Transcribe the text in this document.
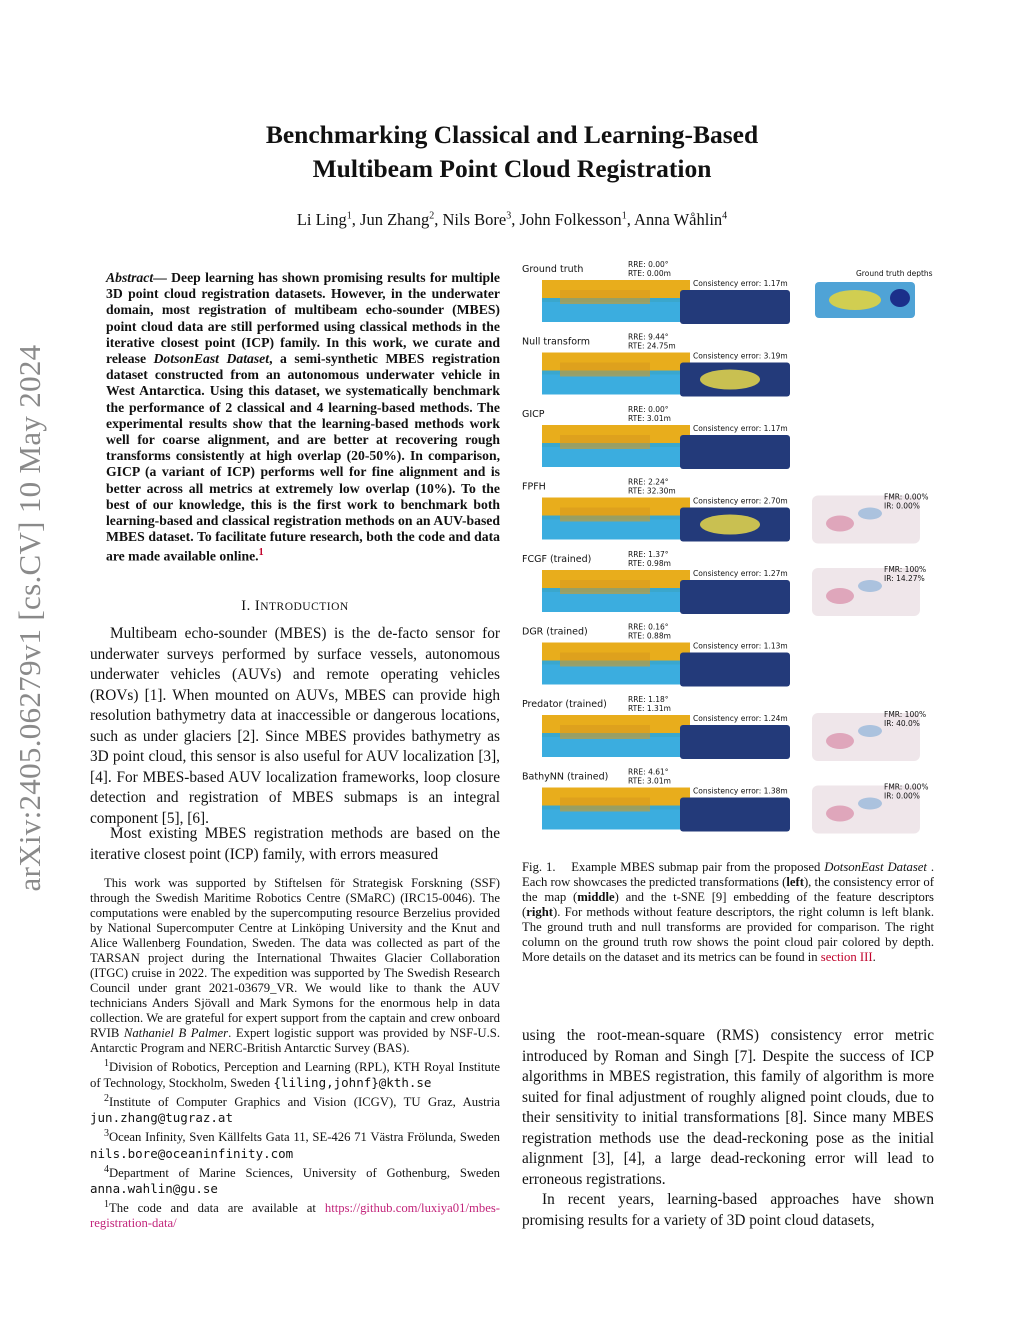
arXiv:2405.06279v1 [cs.CV] 10 May 2024
Benchmarking Classical and Learning-Based
Multibeam Point Cloud Registration
Li Ling$^1$, Jun Zhang$^2$, Nils Bore$^3$, John Folkesson$^1$, Anna Wåhlin$^4$
Abstract— Deep learning has shown promising results for multiple 3D point cloud registration datasets. However, in the underwater domain, most registration of multibeam echo-sounder (MBES) point cloud data are still performed using classical methods in the iterative closest point (ICP) family. In this work, we curate and release DotsonEast Dataset, a semi-synthetic MBES registration dataset constructed from an autonomous underwater vehicle in West Antarctica. Using this dataset, we systematically benchmark the performance of 2 classical and 4 learning-based methods. The experimental results show that the learning-based methods work well for coarse alignment, and are better at recovering rough transforms consistently at high overlap (20-50%). In comparison, GICP (a variant of ICP) performs well for fine alignment and is better across all metrics at extremely low overlap (10%). To the best of our knowledge, this is the first work to benchmark both learning-based and classical registration methods on an AUV-based MBES dataset. To facilitate future research, both the code and data are made available online.$^1$
I. INTRODUCTION
Multibeam echo-sounder (MBES) is the de-facto sensor for underwater surveys performed by surface vessels, autonomous underwater vehicles (AUVs) and remote operating vehicles (ROVs) [1]. When mounted on AUVs, MBES can provide high resolution bathymetry data at inaccessible or dangerous locations, such as under glaciers [2]. Since MBES provides bathymetry as 3D point cloud, this sensor is also useful for AUV localization [3], [4]. For MBES-based AUV localization frameworks, loop closure detection and registration of MBES submaps is an integral component [5], [6].
Most existing MBES registration methods are based on the iterative closest point (ICP) family, with errors measured

This work was supported by Stiftelsen för Strategisk Forskning (SSF) through the Swedish Maritime Robotics Centre (SMaRC) (IRC15-0046). The computations were enabled by the supercomputing resource Berzelius provided by National Supercomputer Centre at Linköping University and the Knut and Alice Wallenberg Foundation, Sweden. The data was collected as part of the TARSAN project during the International Thwaites Glacier Collaboration (ITGC) cruise in 2022. The expedition was supported by The Swedish Research Council under grant 2021-03679_VR. We would like to thank the AUV technicians Anders Sjövall and Mark Symons for the enormous help in data collection. We are grateful for expert support from the captain and crew onboard RVIB Nathaniel B Palmer. Expert logistic support was provided by NSF-U.S. Antarctic Program and NERC-British Antarctic Survey (BAS).

$^1$Division of Robotics, Perception and Learning (RPL), KTH Royal Institute of Technology, Stockholm, Sweden {liling,johnf}@kth.se

$^2$Institute of Computer Graphics and Vision (ICGV), TU Graz, Austria jun.zhang@tugraz.at

$^3$Ocean Infinity, Sven Källfelts Gata 11, SE-426 71 Västra Frölunda, Sweden nils.bore@oceaninfinity.com

$^4$Department of Marine Sciences, University of Gothenburg, Sweden anna.wahlin@gu.se

$^1$The code and data are available at https://github.com/luxiya01/mbes-registration-data/

Ground truth	RRE: 0.00°
RTE: 0.00m
Consistency error: 1.17m
Ground truth depths
Null transform	RRE: 9.44°
RTE: 24.75m
Consistency error: 3.19m
GICP	RRE: 0.00°
RTE: 3.01m
Consistency error: 1.17m
FPFH	RRE: 2.24°
RTE: 32.30m
Consistency error: 2.70m	FMR: 0.00%
IR: 0.00%
FCGF (trained)	RRE: 1.37°
RTE: 0.98m
Consistency error: 1.27m	FMR: 100%
IR: 14.27%
DGR (trained)	RRE: 0.16°
RTE: 0.88m
Consistency error: 1.13m
Predator (trained)	RRE: 1.18°
RTE: 1.31m
Consistency error: 1.24m	FMR: 100%
IR: 40.0%
BathyNN (trained)	RRE: 4.61°
RTE: 3.01m
Consistency error: 1.38m	FMR: 0.00%
IR: 0.00%
Fig. 1.    Example MBES submap pair from the proposed DotsonEast Dataset . Each row showcases the predicted transformations (left), the consistency error of the map (middle) and the t-SNE [9] embedding of the feature descriptors (right). For methods without feature descriptors, the right column is left blank. The ground truth and null transforms are provided for comparison. The right column on the ground truth row shows the point cloud pair colored by depth. More details on the dataset and its metrics can be found in section III.
using the root-mean-square (RMS) consistency error metric introduced by Roman and Singh [7]. Despite the success of ICP algorithms in MBES registration, this family of algorithm is more suited for final adjustment of roughly aligned point clouds, due to their sensitivity to initial transformations [8]. Since many MBES registration methods use the dead-reckoning pose as the initial alignment [3], [4], a large dead-reckoning error will lead to erroneous registrations.
In recent years, learning-based approaches have shown promising results for a variety of 3D point cloud datasets,
